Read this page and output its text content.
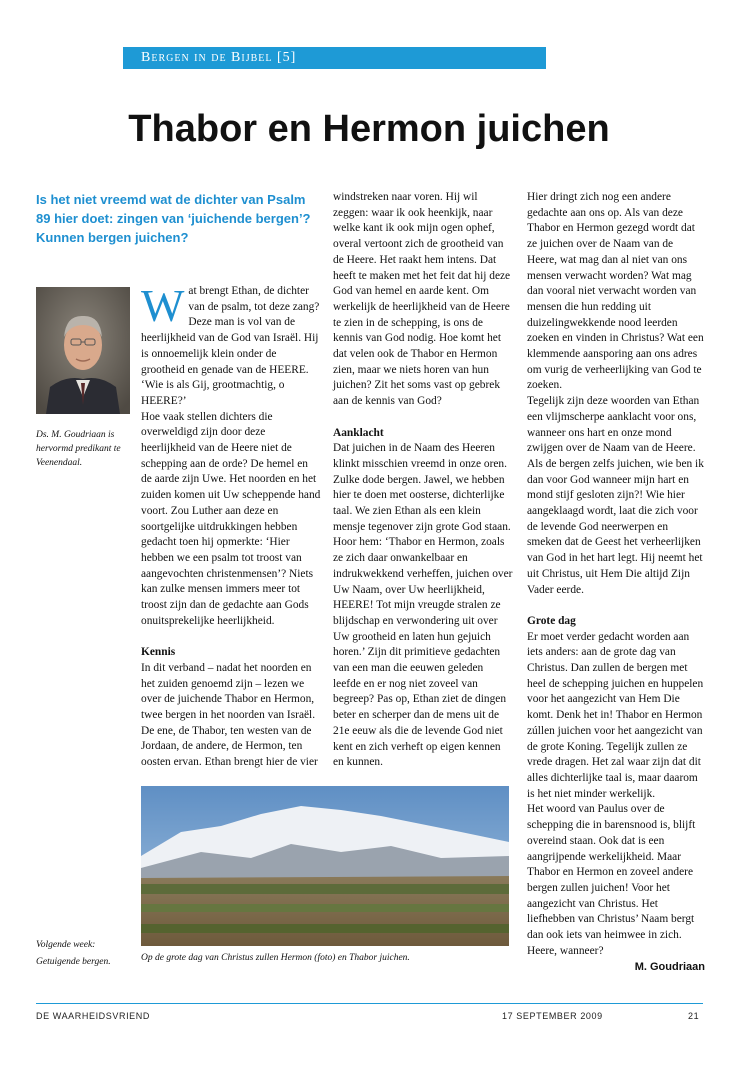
Bergen in de Bijbel [5]
Thabor en Hermon juichen

Is het niet vreemd wat de dichter van Psalm 89 hier doet: zingen van ‘juichende bergen’? Kunnen bergen juichen?

Ds. M. Goudriaan is hervormd predikant te Veenendaal.

Wat brengt Ethan, de dichter van de psalm, tot deze zang? Deze man is vol van de heerlijkheid van de God van Israël. Hij is onnoemelijk klein onder de grootheid en genade van de HEERE. ‘Wie is als Gij, grootmachtig, o HEERE?’

Hoe vaak stellen dichters die overweldigd zijn door deze heerlijkheid van de Heere niet de schepping aan de orde? De hemel en de aarde zijn Uwe. Het noorden en het zuiden komen uit Uw scheppende hand voort. Zou Luther aan deze en soortgelijke uitdrukkingen hebben gedacht toen hij opmerkte: ‘Hier hebben we een psalm tot troost van aangevochten christenmensen’? Niets kan zulke mensen immers meer tot troost zijn dan de gedachte aan Gods onuitsprekelijke heerlijkheid.

Kennis

In dit verband – nadat het noorden en het zuiden genoemd zijn – lezen we over de juichende Thabor en Hermon, twee bergen in het noorden van Israël. De ene, de Thabor, ten westen van de Jordaan, de andere, de Hermon, ten oosten ervan. Ethan brengt hier de vier

windstreken naar voren. Hij wil zeggen: waar ik ook heenkijk, naar welke kant ik ook mijn ogen ophef, overal vertoont zich de grootheid van de Heere. Het raakt hem intens. Dat heeft te maken met het feit dat hij deze God van hemel en aarde kent. Om werkelijk de heerlijkheid van de Heere te zien in de schepping, is ons de kennis van God nodig. Hoe komt het dat velen ook de Thabor en Hermon zien, maar we niets horen van hun juichen? Zit het soms vast op gebrek aan de kennis van God?

Aanklacht

Dat juichen in de Naam des Heeren klinkt misschien vreemd in onze oren. Zulke dode bergen. Jawel, we hebben hier te doen met oosterse, dichterlijke taal. We zien Ethan als een klein mensje tegenover zijn grote God staan. Hoor hem: ‘Thabor en Hermon, zoals ze zich daar onwankelbaar en indrukwekkend verheffen, juichen over Uw Naam, over Uw heerlijkheid, HEERE! Tot mijn vreugde stralen ze blijdschap en verwondering uit over Uw grootheid en laten hun gejuich horen.’ Zijn dit primitieve gedachten van een man die eeuwen geleden leefde en er nog niet zoveel van begreep? Pas op, Ethan ziet de dingen beter en scherper dan de mens uit de 21e eeuw als die de levende God niet kent en zich verheft op eigen kennen en kunnen.

Hier dringt zich nog een andere gedachte aan ons op. Als van deze Thabor en Hermon gezegd wordt dat ze juichen over de Naam van de Heere, wat mag dan al niet van ons mensen verwacht worden? Wat mag dan vooral niet verwacht worden van mensen die hun redding uit duizelingwekkende nood leerden zoeken en vinden in Christus? Wat een klemmende aansporing aan ons adres om vurig de verheerlijking van God te zoeken.

Tegelijk zijn deze woorden van Ethan een vlijmscherpe aanklacht voor ons, wanneer ons hart en onze mond zwijgen over de Naam van de Heere. Als de bergen zelfs juichen, wie ben ik dan voor God wanneer mijn hart en mond stijf gesloten zijn?! Wie hier aangeklaagd wordt, laat die zich voor de levende God neerwerpen en smeken dat de Geest het verheerlijken van God in het hart legt. Hij neemt het uit Christus, uit Hem Die altijd Zijn Vader eerde.

Grote dag

Er moet verder gedacht worden aan iets anders: aan de grote dag van Christus. Dan zullen de bergen met heel de schepping juichen en huppelen voor het aangezicht van Hem Die komt. Denk het in! Thabor en Hermon zúllen juichen voor het aangezicht van de grote Koning. Tegelijk zullen ze vrede dragen. Het zal waar zijn dat dit alles dichterlijke taal is, maar daarom is het niet minder werkelijk.

Het woord van Paulus over de schepping die in barensnood is, blijft overeind staan. Ook dat is een aangrijpende werkelijkheid. Maar Thabor en Hermon en zoveel andere bergen zullen juichen! Voor het aangezicht van Christus. Het liefhebben van Christus’ Naam bergt dan ook iets van heimwee in zich. Heere, wanneer?

M. Goudriaan

Op de grote dag van Christus zullen Hermon (foto) en Thabor juichen.

Volgende week:
Getuigende bergen.

DE WAARHEIDSVRIEND	17 SEPTEMBER 2009	21
